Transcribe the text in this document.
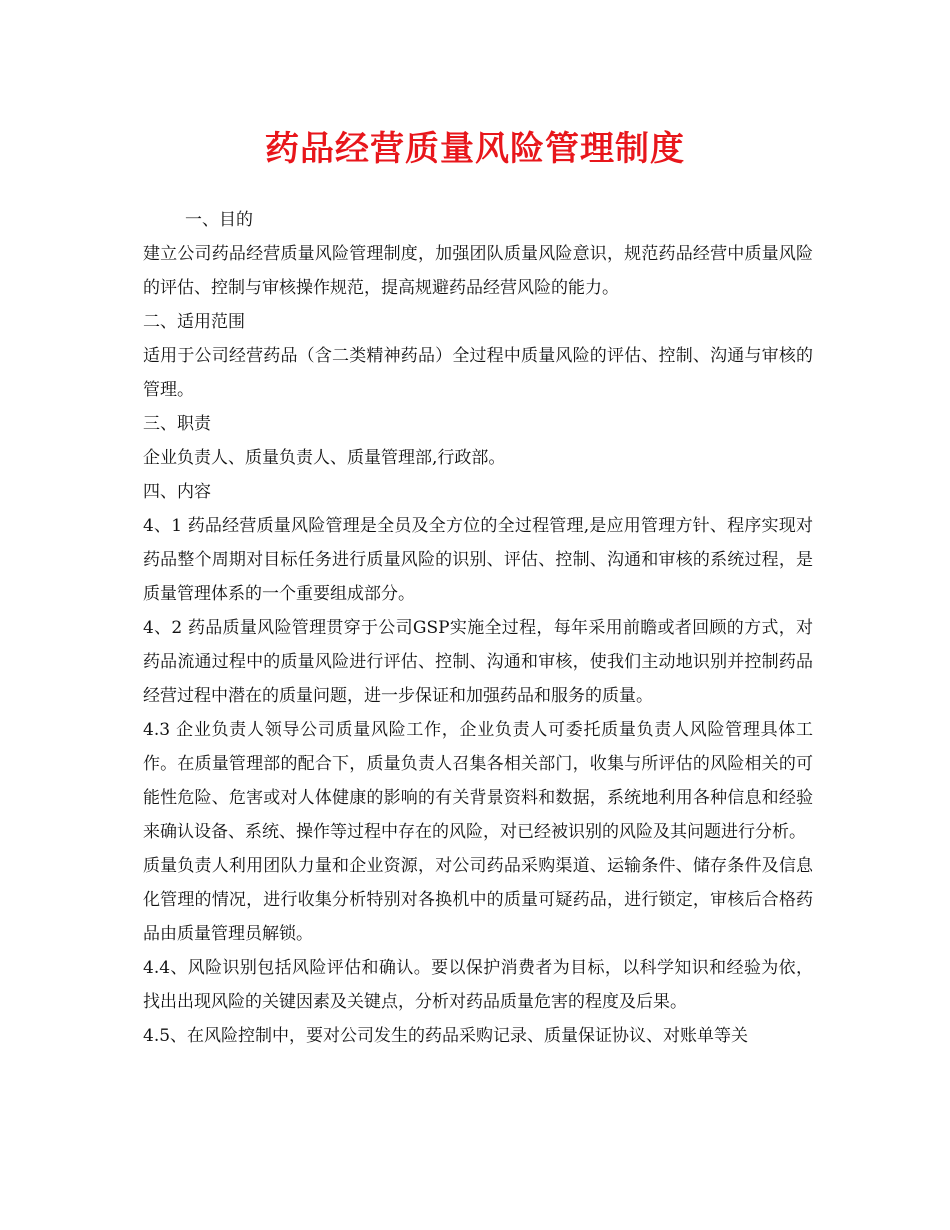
药品经营质量风险管理制度

一、目的

建立公司药品经营质量风险管理制度，加强团队质量风险意识，规范药品经营中质量风险的评估、控制与审核操作规范，提高规避药品经营风险的能力。

二、适用范围

适用于公司经营药品（含二类精神药品）全过程中质量风险的评估、控制、沟通与审核的管理。

三、职责

企业负责人、质量负责人、质量管理部,行政部。

四、内容

4、1 药品经营质量风险管理是全员及全方位的全过程管理,是应用管理方针、程序实现对药品整个周期对目标任务进行质量风险的识别、评估、控制、沟通和审核的系统过程，是质量管理体系的一个重要组成部分。

4、2 药品质量风险管理贯穿于公司GSP实施全过程，每年采用前瞻或者回顾的方式，对药品流通过程中的质量风险进行评估、控制、沟通和审核，使我们主动地识别并控制药品经营过程中潜在的质量问题，进一步保证和加强药品和服务的质量。

4.3 企业负责人领导公司质量风险工作，企业负责人可委托质量负责人风险管理具体工作。在质量管理部的配合下，质量负责人召集各相关部门，收集与所评估的风险相关的可能性危险、危害或对人体健康的影响的有关背景资料和数据，系统地利用各种信息和经验来确认设备、系统、操作等过程中存在的风险，对已经被识别的风险及其问题进行分析。

质量负责人利用团队力量和企业资源，对公司药品采购渠道、运输条件、储存条件及信息化管理的情况，进行收集分析特别对各换机中的质量可疑药品，进行锁定，审核后合格药品由质量管理员解锁。

4.4、风险识别包括风险评估和确认。要以保护消费者为目标，以科学知识和经验为依，找出出现风险的关键因素及关键点，分析对药品质量危害的程度及后果。

4.5、在风险控制中，要对公司发生的药品采购记录、质量保证协议、对账单等关
